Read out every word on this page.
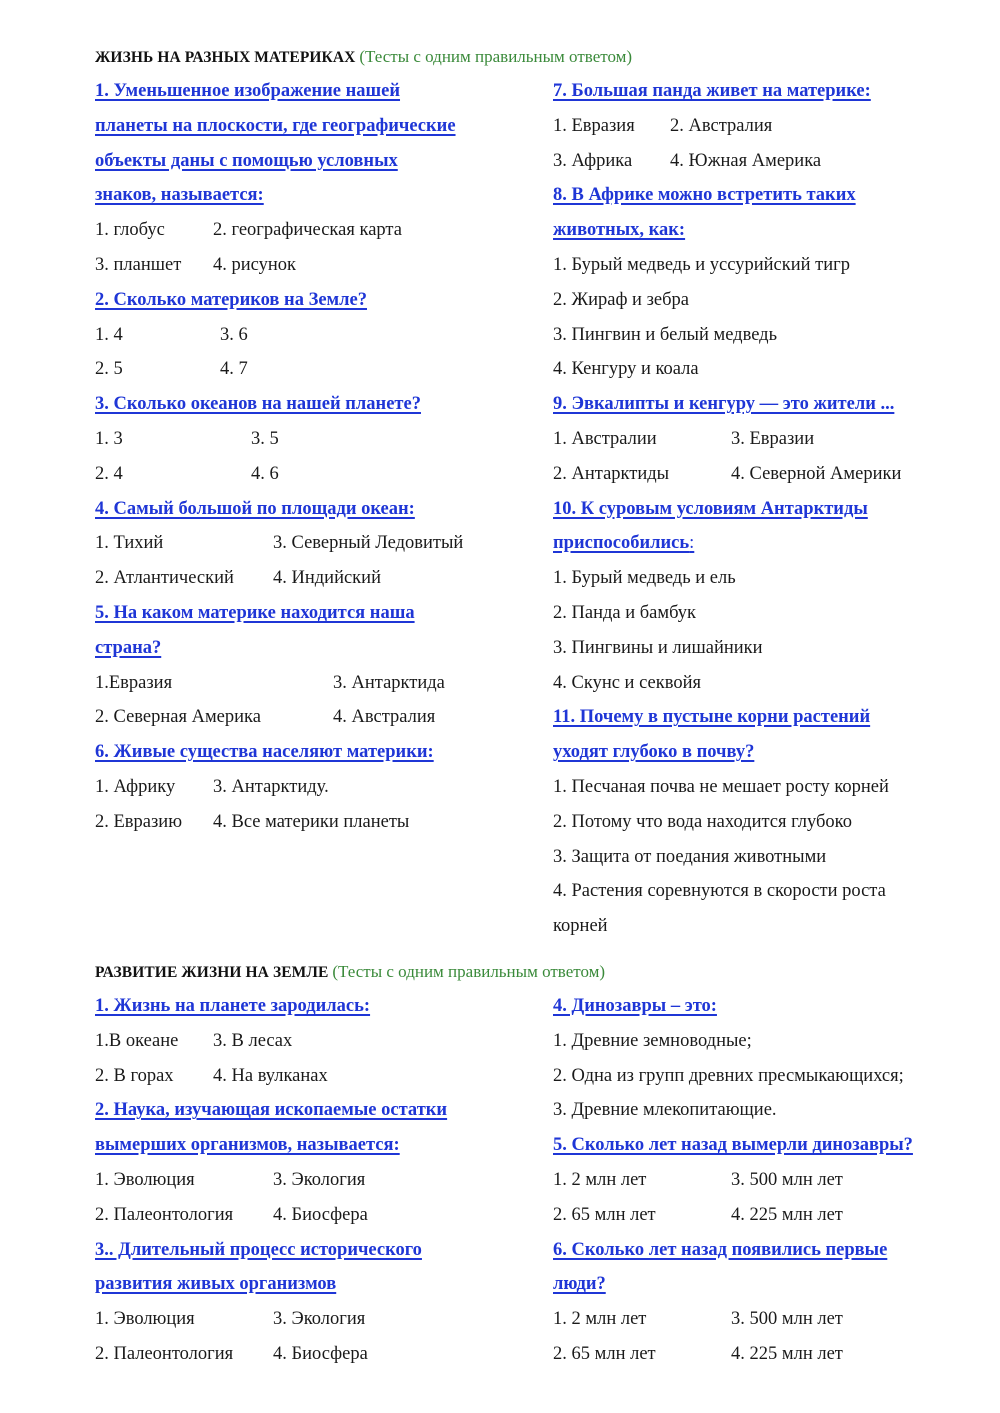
ЖИЗНЬ НА РАЗНЫХ МАТЕРИКАХ (Тесты с одним правильным ответом)
1. Уменьшенное изображение нашей
планеты на плоскости, где географические
объекты даны с помощью условных
знаков, называется:
1. глобус	2. географическая карта
3. планшет	4. рисунок
2. Сколько материков на Земле?
1. 4	3. 6
2. 5	4. 7
3. Сколько океанов на нашей планете?
1. 3	3. 5
2. 4	4. 6
4. Самый большой по площади океан:
1. Тихий	3. Северный Ледовитый
2. Атлантический	4. Индийский
5. На каком материке находится наша
страна?
1.Евразия	3. Антарктида
2. Северная Америка	4. Австралия
6. Живые существа населяют материки:
1. Африку	3. Антарктиду.
2. Евразию	4. Все материки планеты
7. Большая панда живет на материке:
1. Евразия	2. Австралия
3. Африка	4. Южная Америка
8. В Африке можно встретить таких
животных, как:
1. Бурый медведь и уссурийский тигр
2. Жираф и зебра
3. Пингвин и белый медведь
4. Кенгуру и коала
9. Эвкалипты и кенгуру — это жители ...
1. Австралии	3. Евразии
2. Антарктиды	4. Северной Америки
10. К суровым условиям Антарктиды
приспособились:
1. Бурый медведь и ель
2. Панда и бамбук
3. Пингвины и лишайники
4. Скунс и секвойя
11. Почему в пустыне корни растений
уходят глубоко в почву?
1. Песчаная почва не мешает росту корней
2. Потому что вода находится глубоко
3. Защита от поедания животными
4. Растения соревнуются в скорости роста
корней
РАЗВИТИЕ ЖИЗНИ НА ЗЕМЛЕ (Тесты с одним правильным ответом)
1. Жизнь на планете зародилась:
1.В океане	3. В лесах
2. В горах	4. На вулканах
2. Наука, изучающая ископаемые остатки
вымерших организмов, называется:
1. Эволюция	3. Экология
2. Палеонтология	4. Биосфера
3.. Длительный процесс исторического
развития живых организмов
1. Эволюция	3. Экология
2. Палеонтология	4. Биосфера
4. Динозавры – это:
1. Древние земноводные;
2. Одна из групп древних пресмыкающихся;
3. Древние млекопитающие.
5. Сколько лет назад вымерли динозавры?
1. 2 млн лет	3. 500 млн лет
2. 65 млн лет	4. 225 млн лет
6. Сколько лет назад появились первые
люди?
1. 2 млн лет	3. 500 млн лет
2. 65 млн лет	4. 225 млн лет
